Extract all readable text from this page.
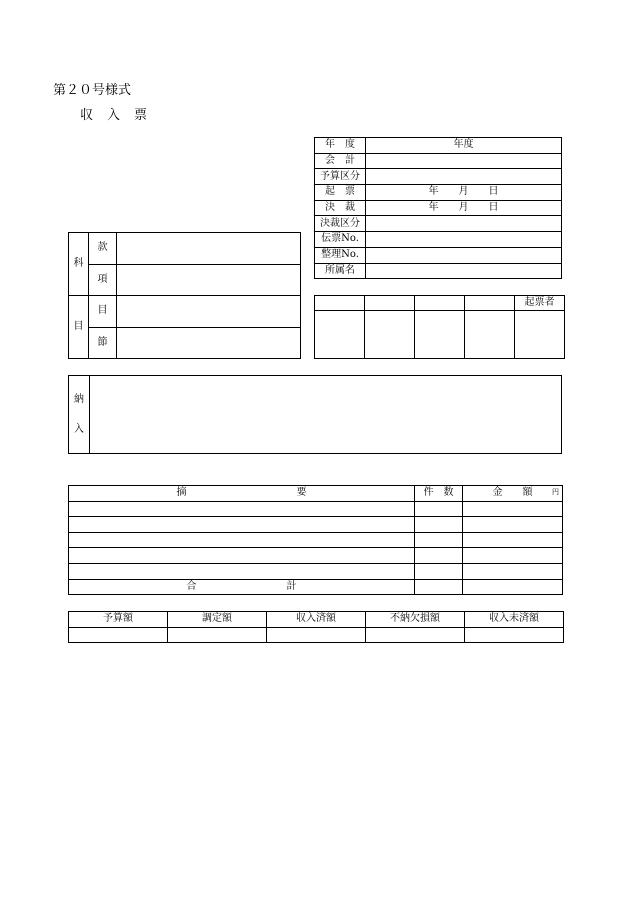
第２０号様式
収入票
年　度	年度
会　計	
予算区分	
起　票	年　　月　　日
決　裁	年　　月　　日
決裁区分	
伝票No.	
整理No.	
所属名	
科	款	
	項	
目	目	
	節	
				起票者

納
入

摘　　　　　　　　　　　要	件　数	金　　額 円

合　　　　　　　　　計		
予算額	調定額	収入済額	不納欠損額	収入未済額
